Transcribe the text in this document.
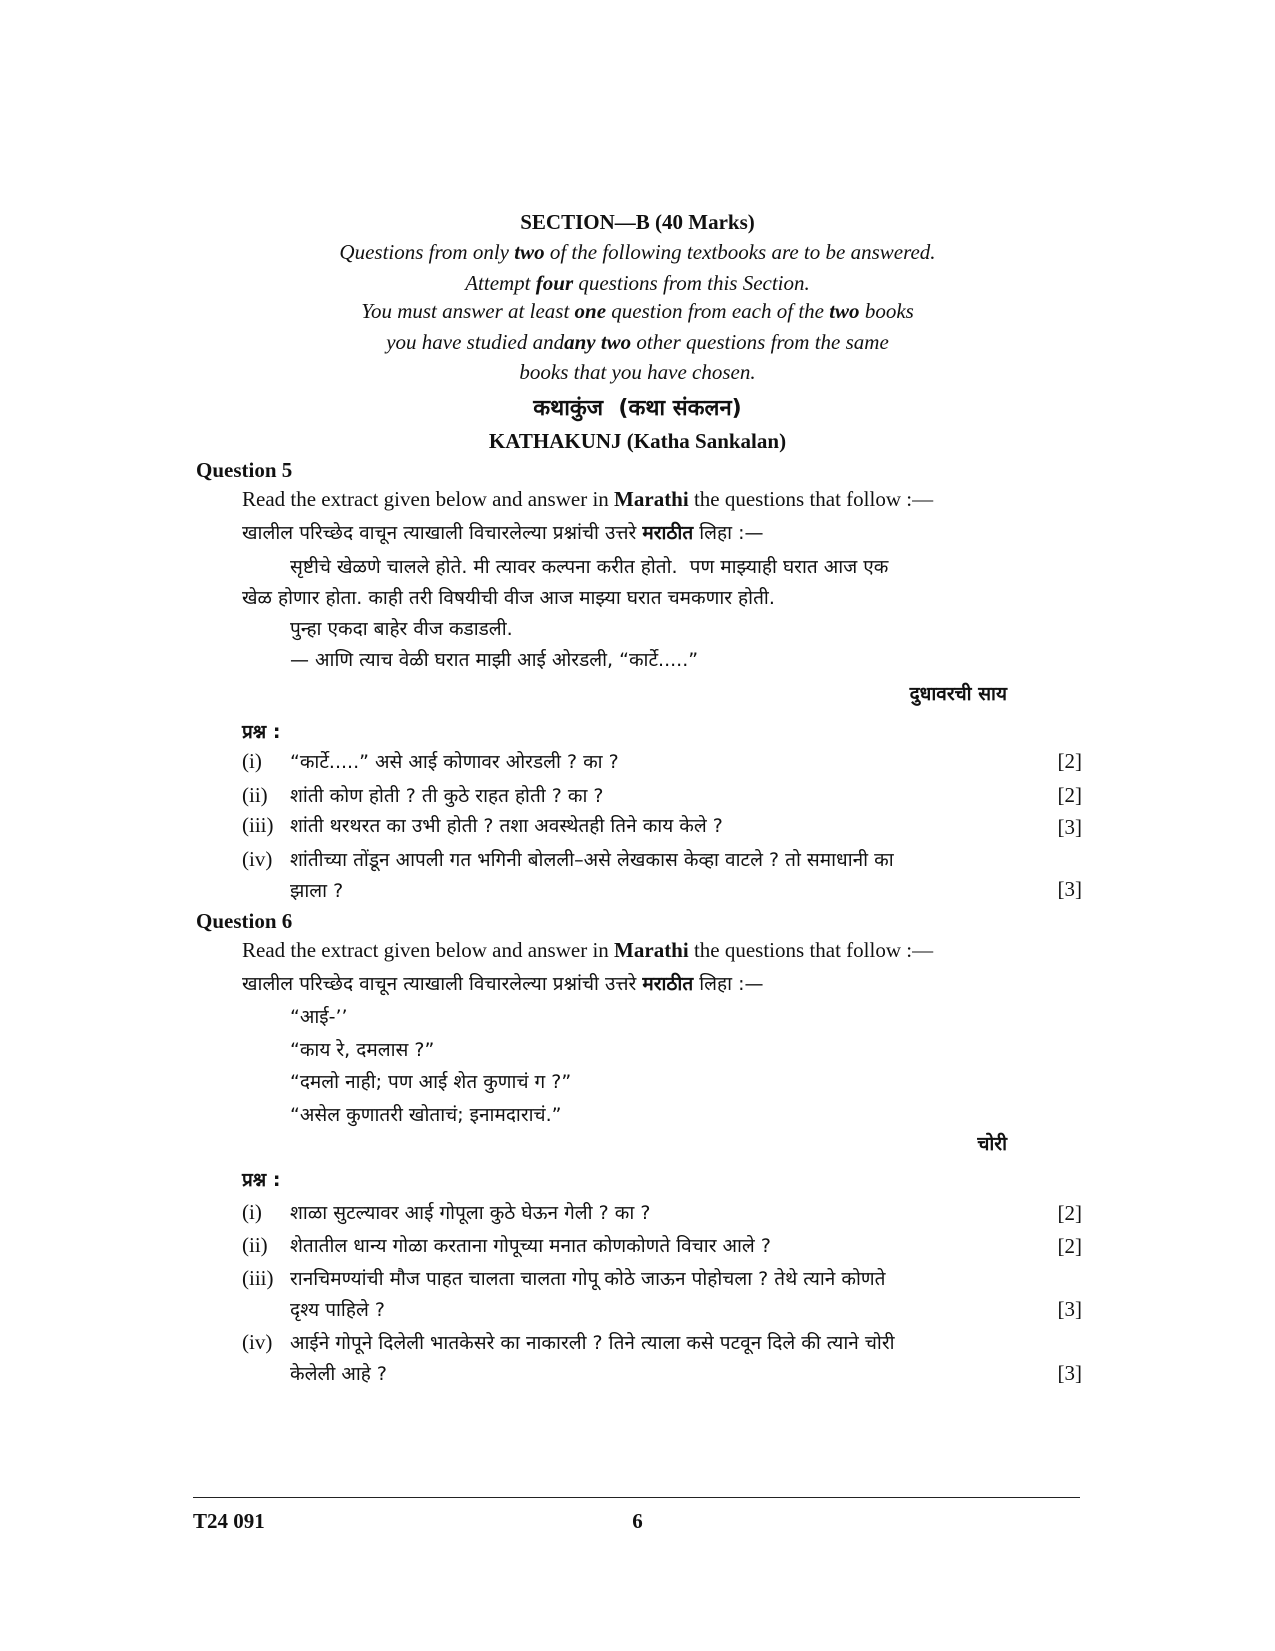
SECTION—B (40 Marks)
Questions from only two of the following textbooks are to be answered.
Attempt four questions from this Section.
You must answer at least one question from each of the two books
you have studied andany two other questions from the same
books that you have chosen.
कथाकुंज  (कथा संकलन)
KATHAKUNJ (Katha Sankalan)
Question 5
Read the extract given below and answer in Marathi the questions that follow :—
खालील परिच्छेद वाचून त्याखाली विचारलेल्या प्रश्नांची उत्तरे मराठीत लिहा :—
सृष्टीचे खेळणे चालले होते. मी त्यावर कल्पना करीत होतो.  पण माझ्याही घरात आज एक
खेळ होणार होता. काही तरी विषयीची वीज आज माझ्या घरात चमकणार होती.
पुन्हा एकदा बाहेर वीज कडाडली.
— आणि त्याच वेळी घरात माझी आई ओरडली, “कार्टे.....”
दुधावरची साय
प्रश्न :
(i) “कार्टे.....” असे आई कोणावर ओरडली ? का ?	[2]
(ii) शांती कोण होती ? ती कुठे राहत होती ? का ?	[2]
(iii) शांती थरथरत का उभी होती ? तशा अवस्थेतही तिने काय केले ?	[3]
(iv) शांतीच्या तोंडून आपली गत भगिनी बोलली–असे लेखकास केव्हा वाटले ? तो समाधानी का
झाला ?	[3]
Question 6
Read the extract given below and answer in Marathi the questions that follow :—
खालील परिच्छेद वाचून त्याखाली विचारलेल्या प्रश्नांची उत्तरे मराठीत लिहा :—
“आई-’’
“काय रे, दमलास ?”
“दमलो नाही; पण आई शेत कुणाचं ग ?”
“असेल कुणातरी खोताचं; इनामदाराचं.”
चोरी
प्रश्न :
(i) शाळा सुटल्यावर आई गोपूला कुठे घेऊन गेली ? का ?	[2]
(ii) शेतातील धान्य गोळा करताना गोपूच्या मनात कोणकोणते विचार आले ?	[2]
(iii) रानचिमण्यांची मौज पाहत चालता चालता गोपू कोठे जाऊन पोहोचला ? तेथे त्याने कोणते
दृश्य पाहिले ?	[3]
(iv) आईने गोपूने दिलेली भातकेसरे का नाकारली ? तिने त्याला कसे पटवून दिले की त्याने चोरी
केलेली आहे ?	[3]
T24 091	6
